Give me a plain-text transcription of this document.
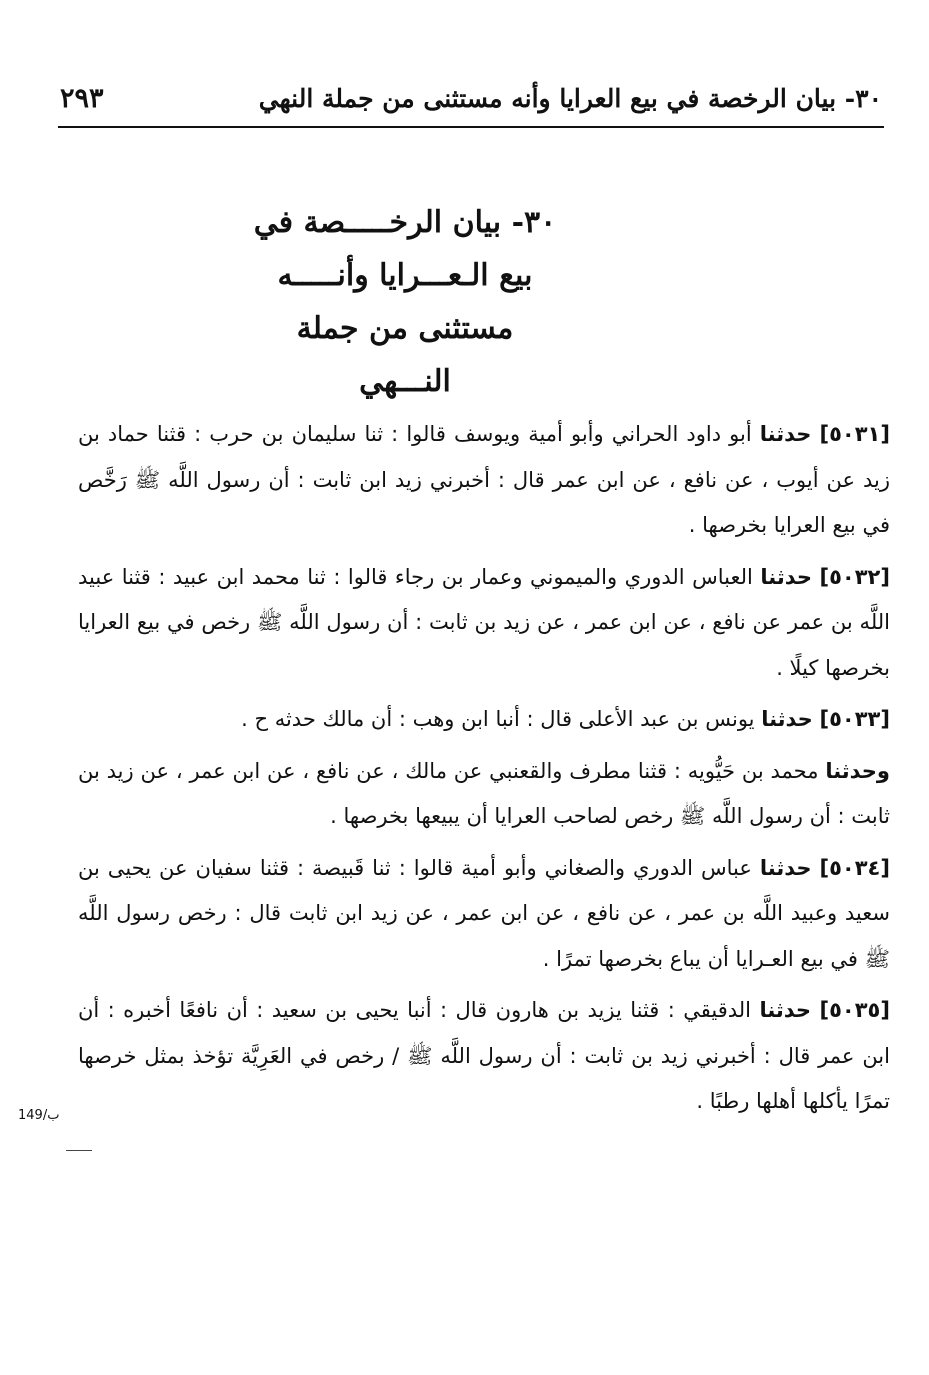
٣٠- بيان الرخصة في بيع العرايا وأنه مستثنى من جملة النهي
٢٩٣
٣٠- بيان الرخـــــصة في
بيع الـعـــرايا وأنـــــه
مستثنى من جملة
النـــهي

[٥٠٣١] حدثنا أبو داود الحراني وأبو أمية ويوسف قالوا : ثنا سليمان بن حرب : قثنا حماد بن زيد عن أيوب ، عن نافع ، عن ابن عمر قال : أخبرني زيد ابن ثابت : أن رسول اللَّه ﷺ رَخَّص في بيع العرايا بخرصها .

[٥٠٣٢] حدثنا العباس الدوري والميموني وعمار بن رجاء قالوا : ثنا محمد ابن عبيد : قثنا عبيد اللَّه بن عمر عن نافع ، عن ابن عمر ، عن زيد بن ثابت : أن رسول اللَّه ﷺ رخص في بيع العرايا بخرصها كيلًا .

[٥٠٣٣] حدثنا يونس بن عبد الأعلى قال : أنبا ابن وهب : أن مالك حدثه ح .

وحدثنا محمد بن حَيُّويه : قثنا مطرف والقعنبي عن مالك ، عن نافع ، عن ابن عمر ، عن زيد بن ثابت : أن رسول اللَّه ﷺ رخص لصاحب العرايا أن يبيعها بخرصها .

[٥٠٣٤] حدثنا عباس الدوري والصغاني وأبو أمية قالوا : ثنا قَبيصة : قثنا سفيان عن يحيى بن سعيد وعبيد اللَّه بن عمر ، عن نافع ، عن ابن عمر ، عن زيد ابن ثابت قال : رخص رسول اللَّه ﷺ في بيع العـرايا أن يباع بخرصها تمرًا .

[٥٠٣٥] حدثنا الدقيقي : قثنا يزيد بن هارون قال : أنبا يحيى بن سعيد : أن نافعًا أخبره : أن ابن عمر قال : أخبرني زيد بن ثابت : أن رسول اللَّه ﷺ / رخص في العَرِيَّة تؤخذ بمثل خرصها تمرًا يأكلها أهلها رطبًا .

149/ب
